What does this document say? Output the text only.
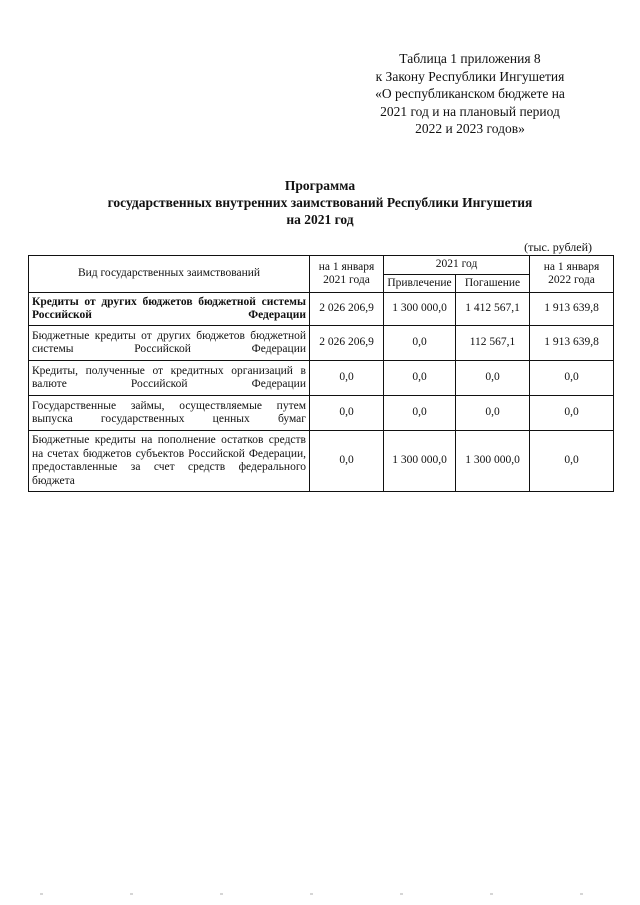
Таблица 1 приложения 8
к Закону Республики Ингушетия
«О республиканском бюджете на
2021 год и на плановый период
2022 и 2023 годов»
Программа
государственных внутренних заимствований Республики Ингушетия
на 2021 год
(тыс. рублей)
Вид государственных заимствований	на 1 января 2021 года	2021 год		на 1 января 2022 года
		Привлечение	Погашение	
Кредиты от других бюджетов бюджетной системы Российской Федерации	2 026 206,9	1 300 000,0	1 412 567,1	1 913 639,8
Бюджетные кредиты от других бюджетов бюджетной системы Российской Федерации	2 026 206,9	0,0	112 567,1	1 913 639,8
Кредиты, полученные от кредитных организаций в валюте Российской Федерации	0,0	0,0	0,0	0,0
Государственные займы, осуществляемые путем выпуска государственных ценных бумаг	0,0	0,0	0,0	0,0
Бюджетные кредиты на пополнение остатков средств на счетах бюджетов субъектов Российской Федерации, предоставленные за счет средств федерального бюджета	0,0	1 300 000,0	1 300 000,0	0,0
